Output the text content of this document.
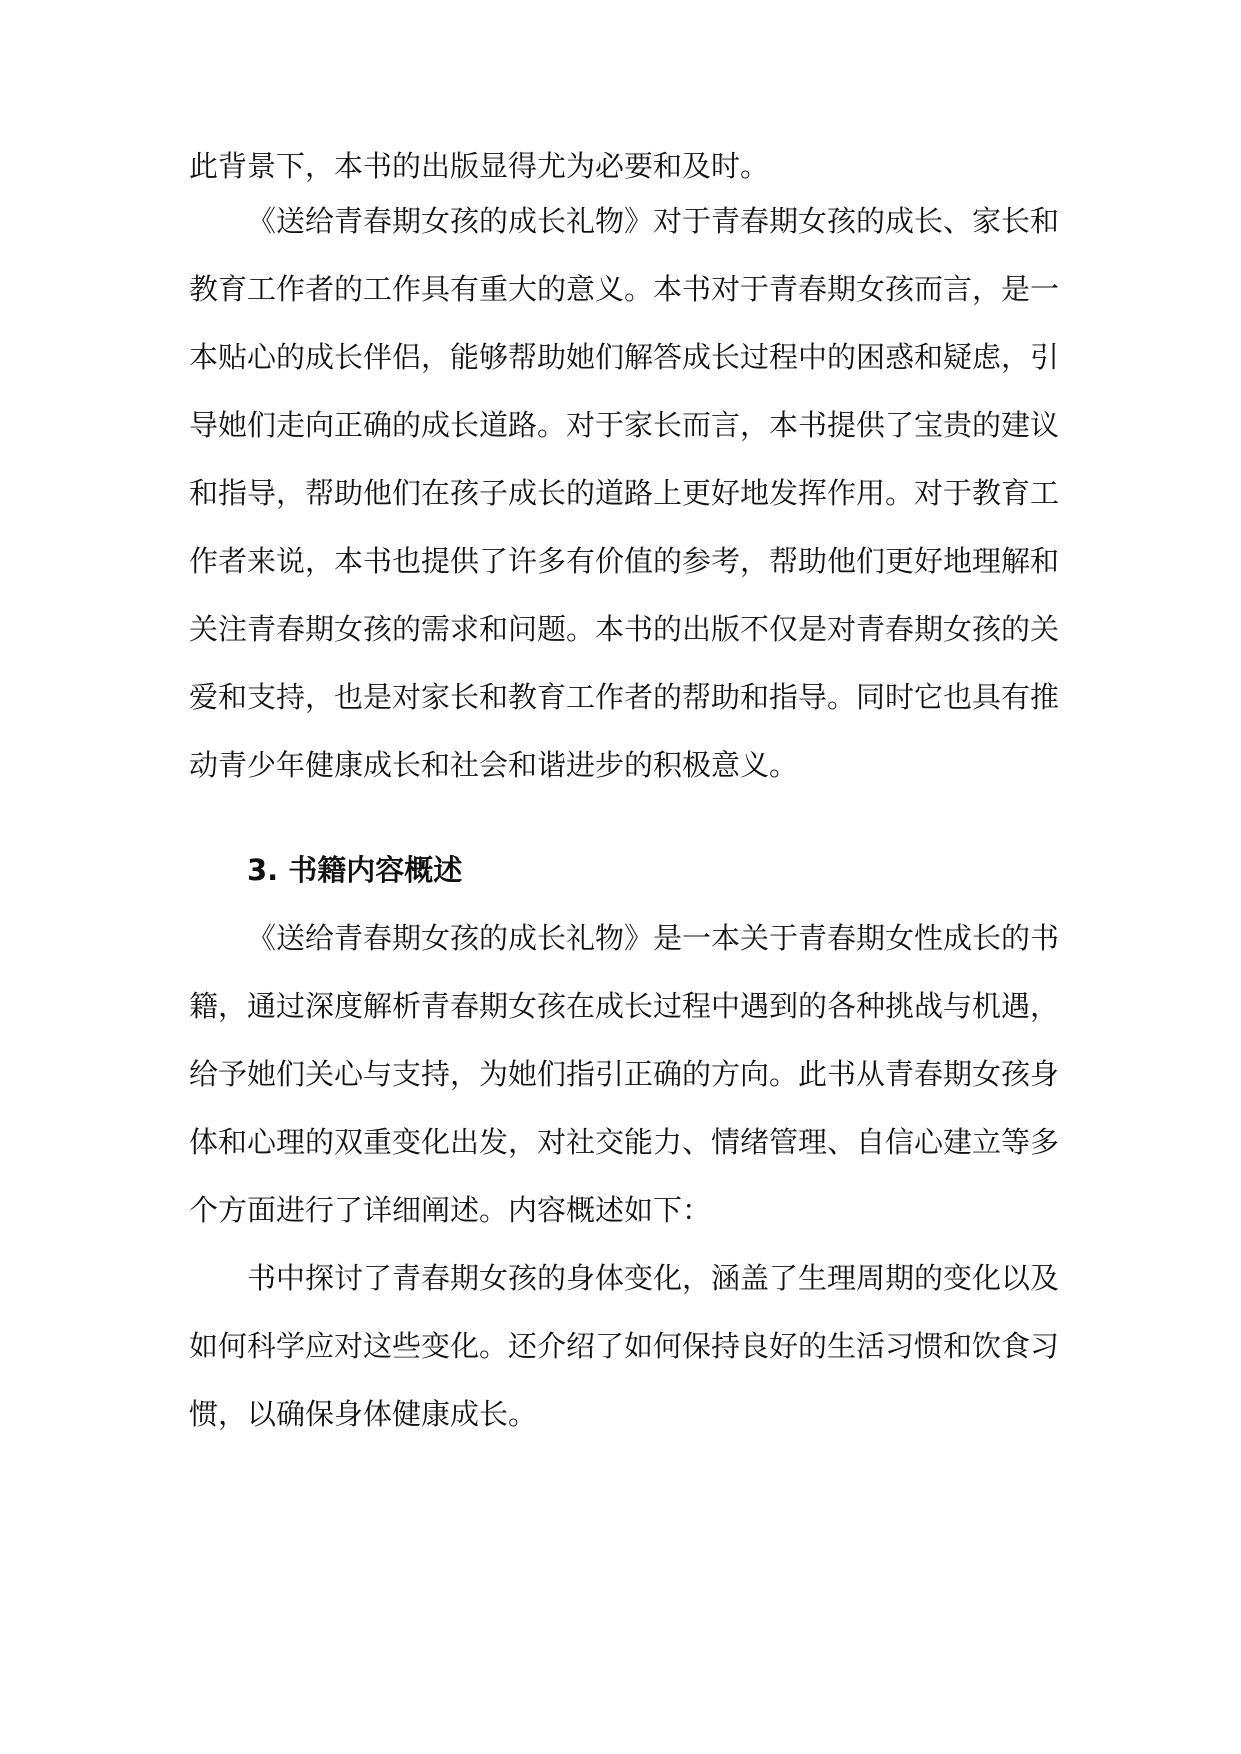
此背景下，本书的出版显得尤为必要和及时。
《送给青春期女孩的成长礼物》对于青春期女孩的成长、家长和
教育工作者的工作具有重大的意义。本书对于青春期女孩而言，是一
本贴心的成长伴侣，能够帮助她们解答成长过程中的困惑和疑虑，引
导她们走向正确的成长道路。对于家长而言，本书提供了宝贵的建议
和指导，帮助他们在孩子成长的道路上更好地发挥作用。对于教育工
作者来说，本书也提供了许多有价值的参考，帮助他们更好地理解和
关注青春期女孩的需求和问题。本书的出版不仅是对青春期女孩的关
爱和支持，也是对家长和教育工作者的帮助和指导。同时它也具有推
动青少年健康成长和社会和谐进步的积极意义。
3. 书籍内容概述
《送给青春期女孩的成长礼物》是一本关于青春期女性成长的书
籍，通过深度解析青春期女孩在成长过程中遇到的各种挑战与机遇，
给予她们关心与支持，为她们指引正确的方向。此书从青春期女孩身
体和心理的双重变化出发，对社交能力、情绪管理、自信心建立等多
个方面进行了详细阐述。内容概述如下：
书中探讨了青春期女孩的身体变化，涵盖了生理周期的变化以及
如何科学应对这些变化。还介绍了如何保持良好的生活习惯和饮食习
惯，以确保身体健康成长。
